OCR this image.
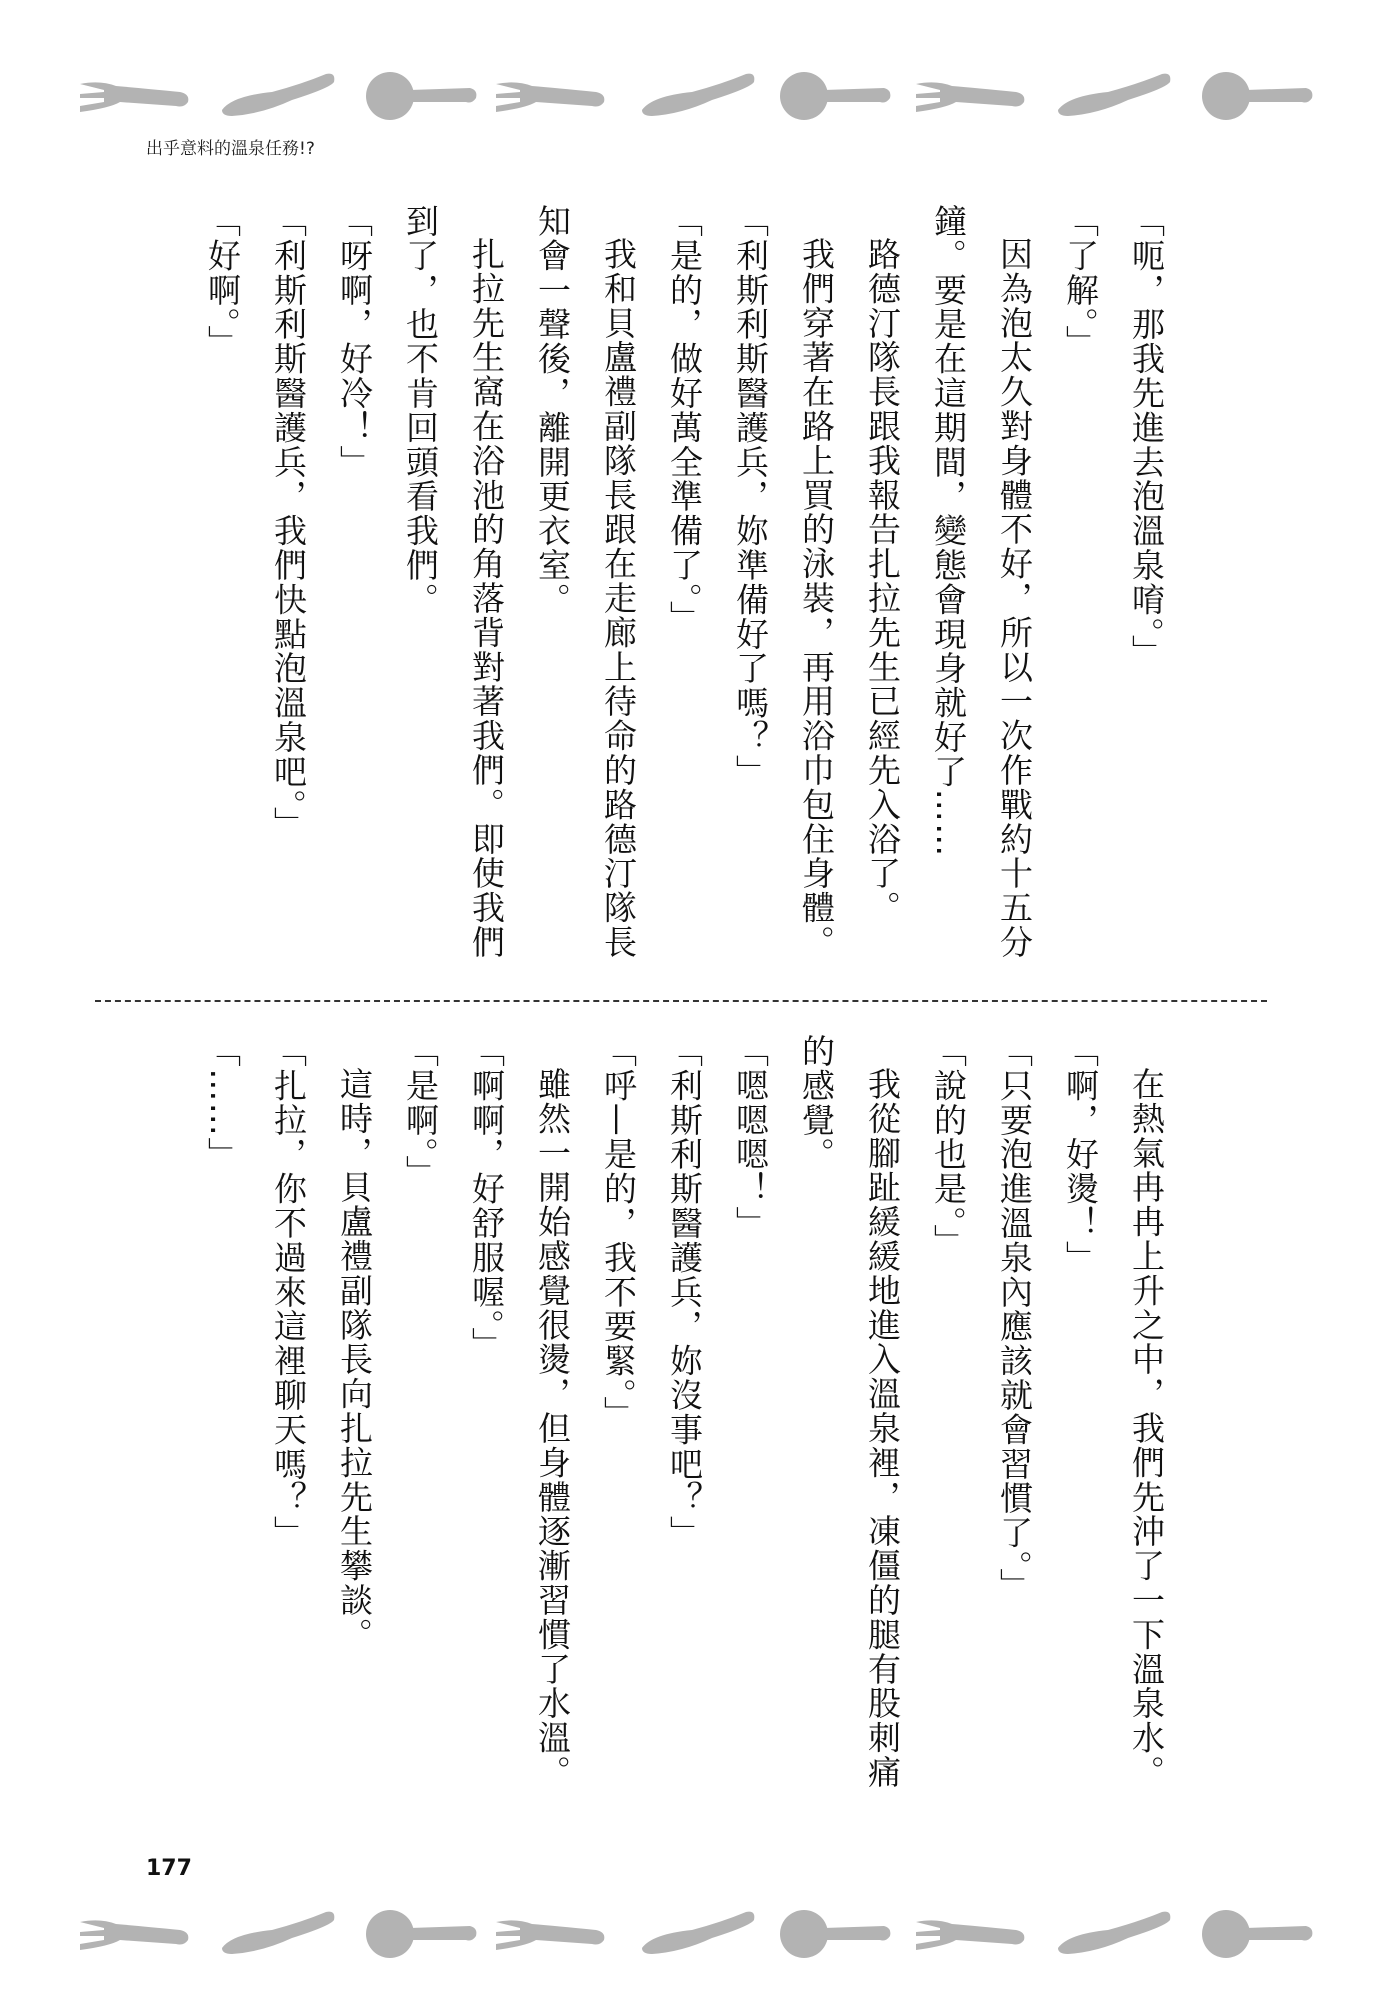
出乎意料的溫泉任務!?
「呃，那我先進去泡溫泉唷。」
「了解。」
因為泡太久對身體不好，所以一次作戰約十五分
鐘。要是在這期間，變態會現身就好了……
路德汀隊長跟我報告扎拉先生已經先入浴了。
我們穿著在路上買的泳裝，再用浴巾包住身體。
「利斯利斯醫護兵，妳準備好了嗎？」
「是的，做好萬全準備了。」
我和貝盧禮副隊長跟在走廊上待命的路德汀隊長
知會一聲後，離開更衣室。
扎拉先生窩在浴池的角落背對著我們。即使我們
到了，也不肯回頭看我們。
「呀啊，好冷！」
「利斯利斯醫護兵，我們快點泡溫泉吧。」
「好啊。」
在熱氣冉冉上升之中，我們先沖了一下溫泉水。
「啊，好燙！」
「只要泡進溫泉內應該就會習慣了。」
「說的也是。」
我從腳趾緩緩地進入溫泉裡，凍僵的腿有股刺痛
的感覺。
「嗯嗯嗯！」
「利斯利斯醫護兵，妳沒事吧？」
「呼—是的，我不要緊。」
雖然一開始感覺很燙，但身體逐漸習慣了水溫。
「啊啊，好舒服喔。」
「是啊。」
這時，貝盧禮副隊長向扎拉先生攀談。
「扎拉，你不過來這裡聊天嗎？」
「……」
177
